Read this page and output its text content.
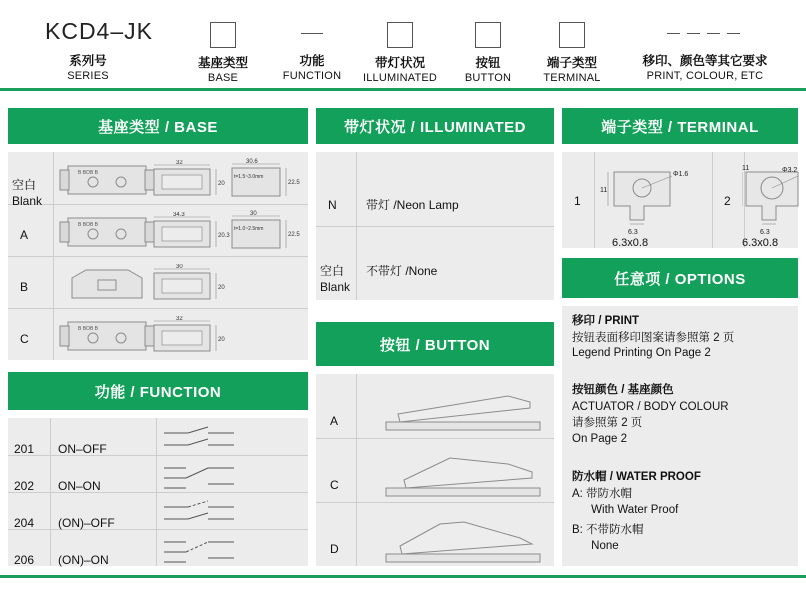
KCD4–JK
系列号
SERIES
基座类型
BASE
功能
FUNCTION
带灯状况
ILLUMINATED
按钮
BUTTON
端子类型
TERMINAL
移印、颜色等其它要求
PRINT, COLOUR, ETC
基座类型 / BASE
空白
Blank
A
B
C
B BOB B
32
20
30.6
22.5
t=1.5~3.0mm
B BOB B
34.3
20.3
30
22.5
t=1.0~2.5mm
30
20
B BOB B
32
20
功能 / FUNCTION
201 ON–OFF
202 ON–ON
204 (ON)–OFF
206 (ON)–ON
带灯状况 / ILLUMINATED
N 带灯 /Neon Lamp
空白
Blank
不带灯 /None
按钮 / BUTTON
A
C
D
端子类型 / TERMINAL
1	2
Φ1.6
11
6.3
6.3x0.8
Φ3.2
11
6.3
6.3x0.8
任意项 / OPTIONS
移印 / PRINT
按钮表面移印图案请参照第 2 页
Legend Printing On Page 2
按钮颜色 / 基座颜色
ACTUATOR / BODY COLOUR
请参照第 2 页
On Page 2
防水帽 / WATER PROOF
A: 带防水帽
With Water Proof
B: 不带防水帽
None
